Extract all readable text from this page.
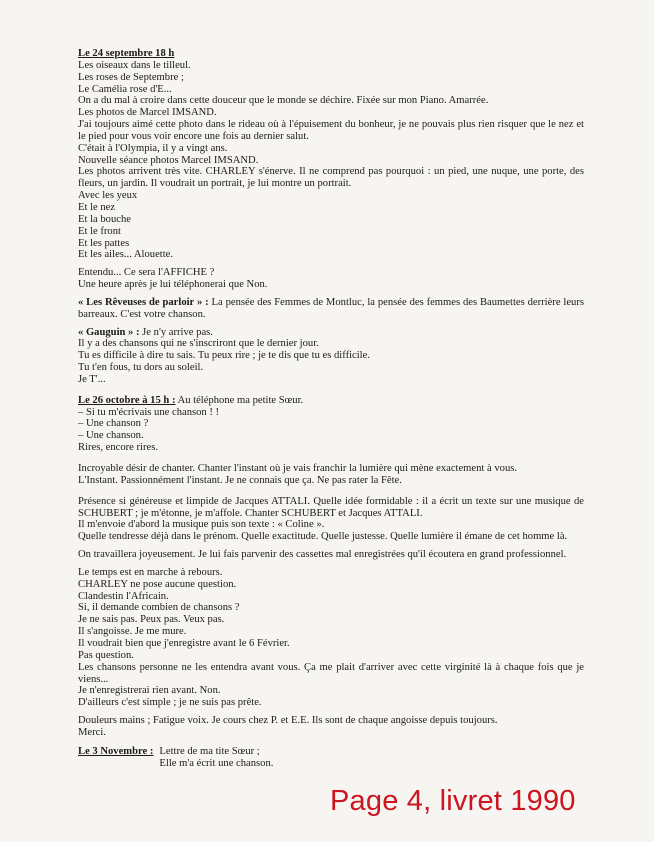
Le 24 septembre 18 h
Les oiseaux dans le tilleul.
Les roses de Septembre ;
Le Camélia rose d'E...
On a du mal à croire dans cette douceur que le monde se déchire. Fixée sur mon Piano. Amarrée.
Les photos de Marcel IMSAND.
J'ai toujours aimé cette photo dans le rideau où à l'épuisement du bonheur, je ne pouvais plus rien risquer que le nez et le pied pour vous voir encore une fois au dernier salut.
C'était à l'Olympia, il y a vingt ans.
Nouvelle séance photos Marcel IMSAND.
Les photos arrivent très vite. CHARLEY s'énerve. Il ne comprend pas pourquoi : un pied, une nuque, une porte, des fleurs, un jardin. Il voudrait un portrait, je lui montre un portrait.
Avec les yeux
Et le nez
Et la bouche
Et le front
Et les pattes
Et les ailes... Alouette.
Entendu... Ce sera l'AFFICHE ?
Une heure après je lui téléphonerai que Non.
« Les Rêveuses de parloir » : La pensée des Femmes de Montluc, la pensée des femmes des Baumettes derrière leurs barreaux. C'est votre chanson.
« Gauguin » : Je n'y arrive pas.
Il y a des chansons qui ne s'inscriront que le dernier jour.
Tu es difficile à dire tu sais. Tu peux rire ; je te dis que tu es difficile.
Tu t'en fous, tu dors au soleil.
Je T'...
Le 26 octobre à 15 h : Au téléphone ma petite Sœur.
– Si tu m'écrivais une chanson ! !
– Une chanson ?
– Une chanson.
Rires, encore rires.
Incroyable désir de chanter. Chanter l'instant où je vais franchir la lumière qui mène exactement à vous.
L'Instant. Passionnément l'instant. Je ne connais que ça. Ne pas rater la Fête.
Présence si généreuse et limpide de Jacques ATTALI. Quelle idée formidable : il a écrit un texte sur une musique de SCHUBERT ; je m'étonne, je m'affole. Chanter SCHUBERT et Jacques ATTALI.
Il m'envoie d'abord la musique puis son texte : « Coline ».
Quelle tendresse déjà dans le prénom. Quelle exactitude. Quelle justesse. Quelle lumière il émane de cet homme là.
On travaillera joyeusement. Je lui fais parvenir des cassettes mal enregistrées qu'il écoutera en grand professionnel.
Le temps est en marche à rebours.
CHARLEY ne pose aucune question.
Clandestin l'Africain.
Si, il demande combien de chansons ?
Je ne sais pas. Peux pas. Veux pas.
Il s'angoisse. Je me mure.
Il voudrait bien que j'enregistre avant le 6 Février.
Pas question.
Les chansons personne ne les entendra avant vous. Ça me plait d'arriver avec cette virginité là à chaque fois que je viens...
Je n'enregistrerai rien avant. Non.
D'ailleurs c'est simple ; je ne suis pas prête.
Douleurs mains ; Fatigue voix. Je cours chez P. et E.E. Ils sont de chaque angoisse depuis toujours.
Merci.
Le 3 Novembre : Lettre de ma tite Sœur ;
Elle m'a écrit une chanson.
Page 4, livret 1990
